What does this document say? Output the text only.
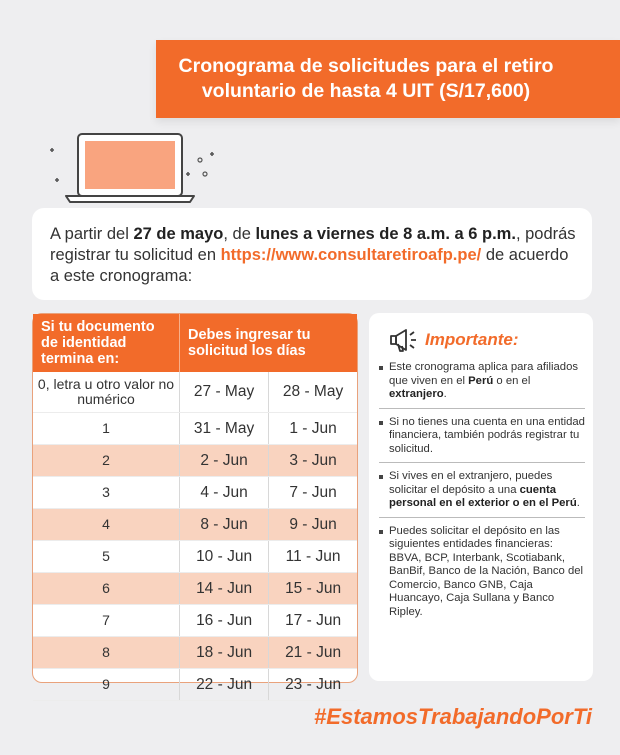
Cronograma de solicitudes para el retiro
voluntario de hasta 4 UIT (S/17,600)

A partir del 27 de mayo, de lunes a viernes de 8 a.m. a 6 p.m., podrás registrar tu solicitud en https://www.consultaretiroafp.pe/ de acuerdo a este cronograma:

Si tu documento de identidad termina en:	Debes ingresar tu solicitud los días	
0, letra u otro valor no numérico	27 - May	28 - May
1	31 - May	1 - Jun
2	2 - Jun	3 - Jun
3	4 - Jun	7 - Jun
4	8 - Jun	9 - Jun
5	10 - Jun	11 - Jun
6	14 - Jun	15 - Jun
7	16 - Jun	17 - Jun
8	18 - Jun	21 - Jun
9	22 - Jun	23 - Jun
Importante:
Este cronograma aplica para afiliados que viven en el Perú o en el extranjero.
Si no tienes una cuenta en una entidad financiera, también podrás registrar tu solicitud.
Si vives en el extranjero, puedes solicitar el depósito a una cuenta personal en el exterior o en el Perú.
Puedes solicitar el depósito en las siguientes entidades financieras: BBVA, BCP, Interbank, Scotiabank, BanBif, Banco de la Nación, Banco del Comercio, Banco GNB, Caja Huancayo, Caja Sullana y Banco Ripley.
#EstamosTrabajandoPorTi
